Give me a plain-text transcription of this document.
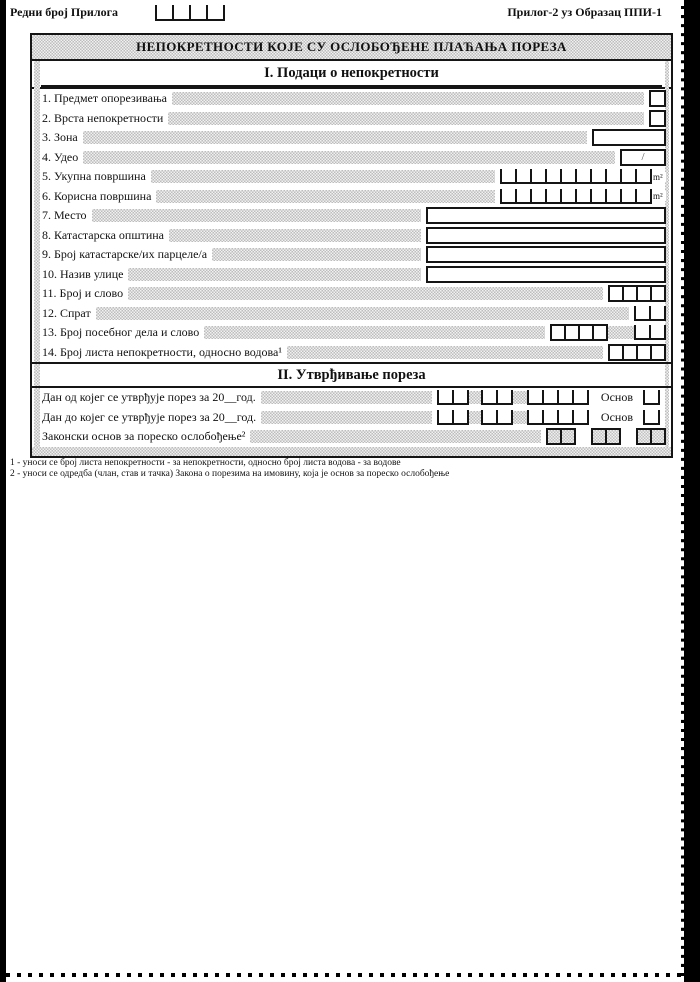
Редни број Прилога	Прилог-2 уз Образац ППИ-1
НЕПОКРЕТНОСТИ КОЈЕ СУ ОСЛОБОЂЕНЕ ПЛАЋАЊА ПОРЕЗА
I. Подаци о непокретности
1. Предмет опорезивања
2. Врста непокретности
3. Зона
4. Удео	/
5. Укупна површина	m²
6. Корисна површина	m²
7. Место
8. Катастарска општина
9. Број катастарске/их парцеле/а
10. Назив улице
11. Број и слово
12. Спрат
13. Број посебног дела и слово
14. Број листа непокретности, односно водова¹
II. Утврђивање пореза
Дан од којег се утврђује порез за 20__год.	Основ
Дан до којег се утврђује порез за 20__год.	Основ
Законски основ за пореско ослобођење²
1 - уноси се број листа непокретности - за непокретности, односно број листа водова - за водове
2 - уноси се одредба (члан, став и тачка) Закона о порезима на имовину, која је основ за пореско ослобођење
